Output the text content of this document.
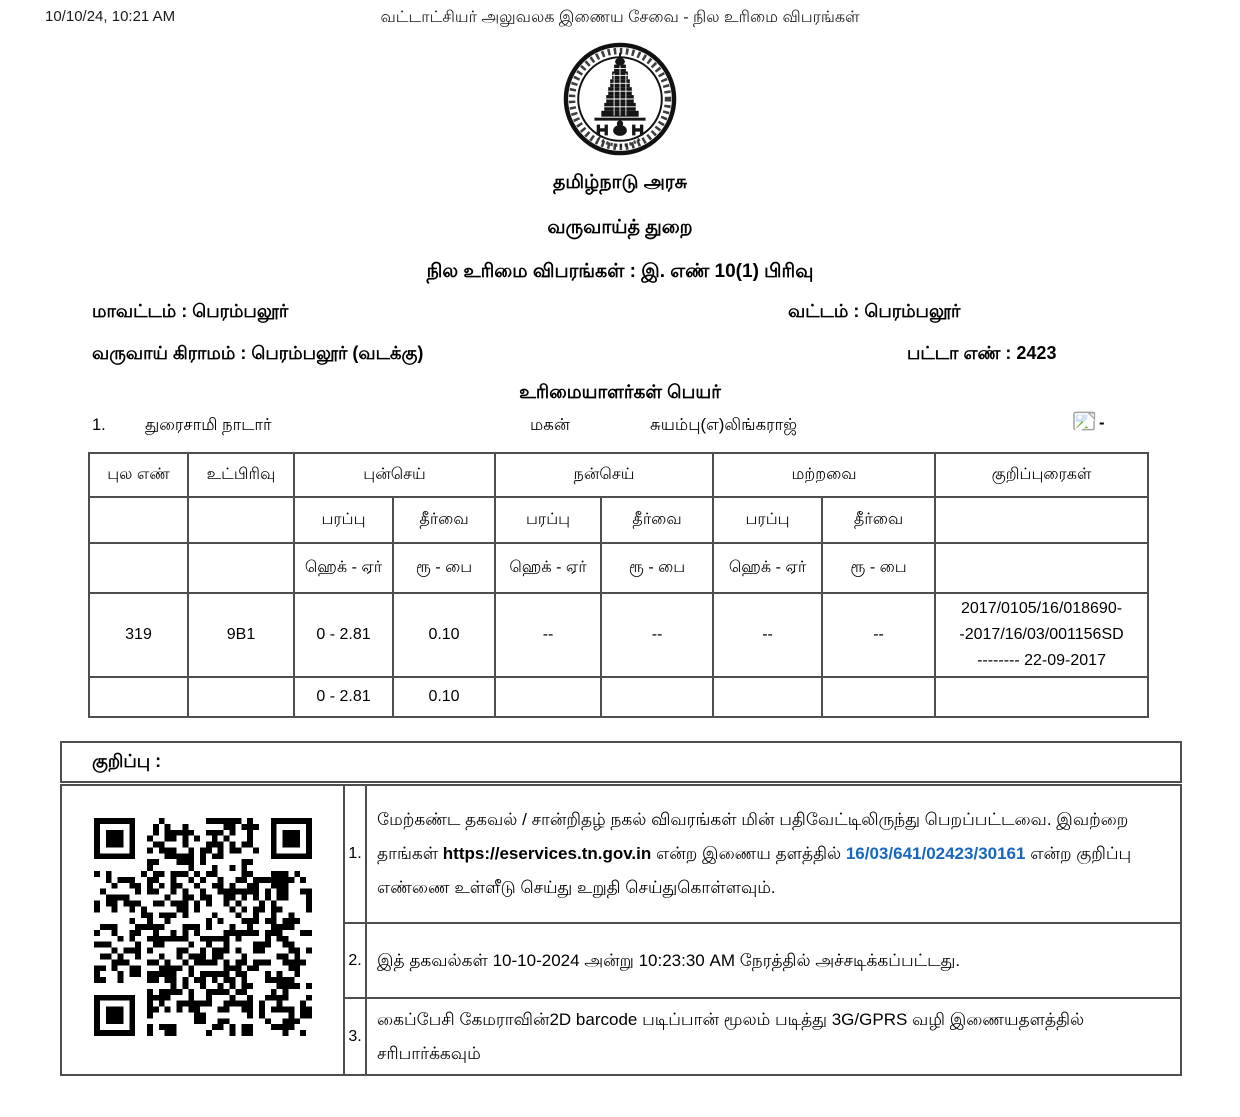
10/10/24, 10:21 AM	வட்டாட்சியர் அலுவலக இணைய சேவை - நில உரிமை விபரங்கள்
தமிழ்நாடு அரசு
வருவாய்த் துறை
நில உரிமை விபரங்கள் : இ. எண் 10(1) பிரிவு
மாவட்டம் : பெரம்பலூர்	வட்டம் : பெரம்பலூர்
வருவாய் கிராமம் : பெரம்பலூர் (வடக்கு)	பட்டா எண் : 2423
உரிமையாளர்கள் பெயர்
1. துரைசாமி நாடார்	மகன்	சுயம்பு(எ)லிங்கராஜ்	-
புல எண்	உட்பிரிவு	புன்செய்		நன்செய்		மற்றவை		குறிப்புரைகள்
		பரப்பு	தீர்வை	பரப்பு	தீர்வை	பரப்பு	தீர்வை	
		ஹெக் - ஏர்	ரூ - பை	ஹெக் - ஏர்	ரூ - பை	ஹெக் - ஏர்	ரூ - பை	
319	9B1	0 - 2.81	0.10	--	--	--	--	2017/0105/16/018690-
-2017/16/03/001156SD
-------- 22-09-2017

		0 - 2.81	0.10					
குறிப்பு :
1.
மேற்கண்ட தகவல் / சான்றிதழ் நகல் விவரங்கள் மின் பதிவேட்டிலிருந்து பெறப்பட்டவை. இவற்றை தாங்கள் https://eservices.tn.gov.in என்ற இணைய தளத்தில் 16/03/641/02423/30161 என்ற குறிப்பு எண்ணை உள்ளீடு செய்து உறுதி செய்துகொள்ளவும்.
2. இத் தகவல்கள் 10-10-2024 அன்று 10:23:30 AM நேரத்தில் அச்சடிக்கப்பட்டது.
3.
கைப்பேசி கேமராவின்2D barcode படிப்பான் மூலம் படித்து 3G/GPRS வழி இணையதளத்தில் சரிபார்க்கவும்
